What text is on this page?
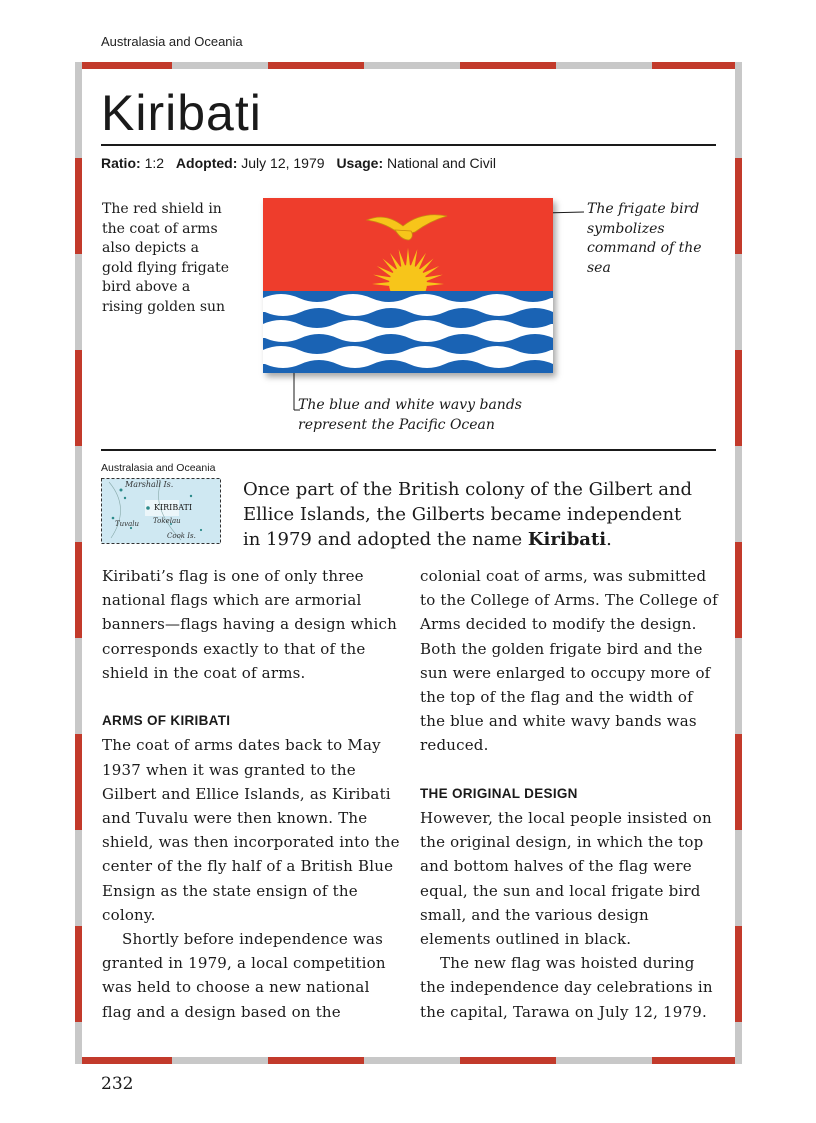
Australasia and Oceania
Kiribati
Ratio: 1:2 Adopted: July 12, 1979 Usage: National and Civil
The red shield in the coat of arms also depicts a gold flying frigate bird above a rising golden sun
The frigate bird symbolizes command of the sea
The blue and white wavy bands represent the Pacific Ocean
Australasia and Oceania
Marshall Is.
KIRIBATI
Tuvalu Tokelau
Cook Is.
Once part of the British colony of the Gilbert and Ellice Islands, the Gilberts became independent in 1979 and adopted the name Kiribati.

Kiribati’s flag is one of only three national flags which are armorial banners—flags having a design which corresponds exactly to that of the shield in the coat of arms.

ARMS OF KIRIBATI

The coat of arms dates back to May 1937 when it was granted to the Gilbert and Ellice Islands, as Kiribati and Tuvalu were then known. The shield, was then incorporated into the center of the fly half of a British Blue Ensign as the state ensign of the colony.

Shortly before independence was granted in 1979, a local competition was held to choose a new national flag and a design based on the

colonial coat of arms, was submitted to the College of Arms. The College of Arms decided to modify the design. Both the golden frigate bird and the sun were enlarged to occupy more of the top of the flag and the width of the blue and white wavy bands was reduced.

THE ORIGINAL DESIGN

However, the local people insisted on the original design, in which the top and bottom halves of the flag were equal, the sun and local frigate bird small, and the various design elements outlined in black.

The new flag was hoisted during the independence day celebrations in the capital, Tarawa on July 12, 1979.

232
